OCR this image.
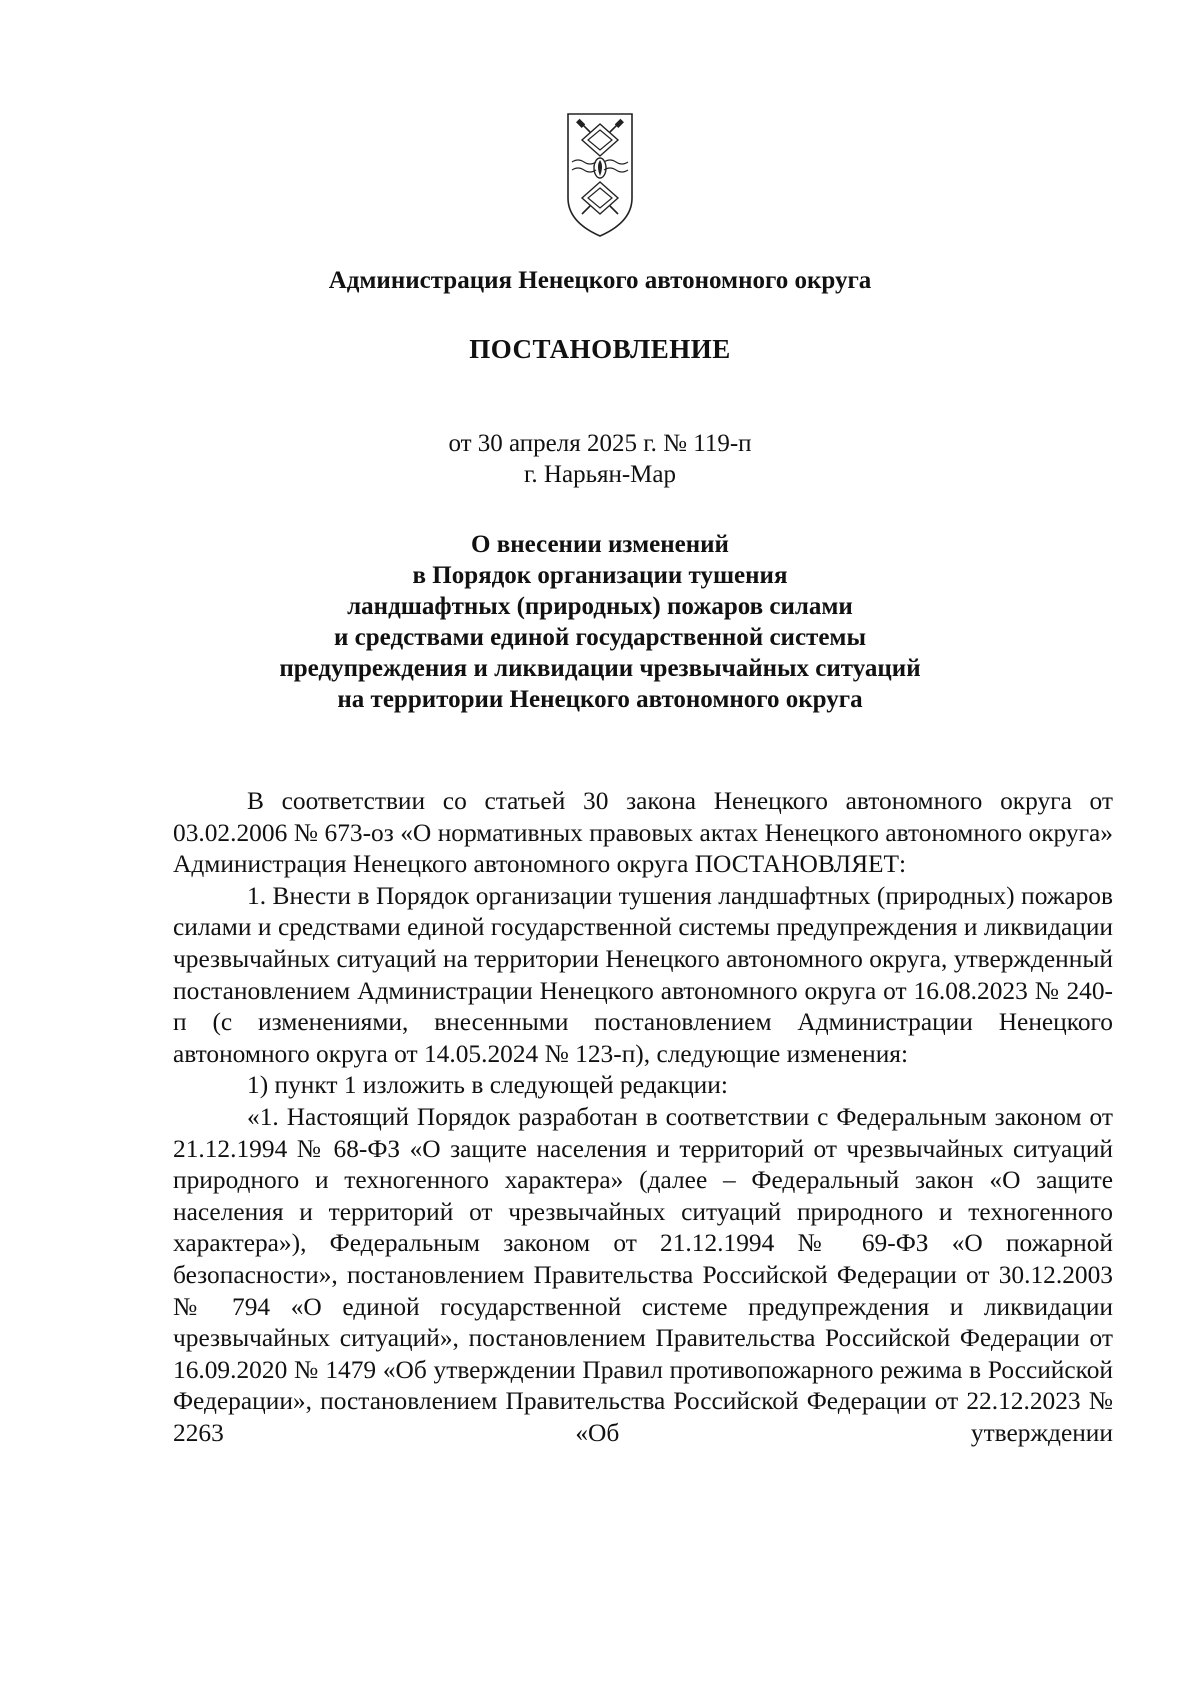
Администрация Ненецкого автономного округа
ПОСТАНОВЛЕНИЕ
от 30 апреля 2025 г. № 119-п
г. Нарьян-Мар
О внесении изменений
в Порядок организации тушения
ландшафтных (природных) пожаров силами
и средствами единой государственной системы
предупреждения и ликвидации чрезвычайных ситуаций
на территории Ненецкого автономного округа

В соответствии со статьей 30 закона Ненецкого автономного округа от 03.02.2006 № 673-оз «О нормативных правовых актах Ненецкого автономного округа» Администрация Ненецкого автономного округа ПОСТАНОВЛЯЕТ:

1. Внести в Порядок организации тушения ландшафтных (природных) пожаров силами и средствами единой государственной системы предупреждения и ликвидации чрезвычайных ситуаций на территории Ненецкого автономного округа, утвержденный постановлением Администрации Ненецкого автономного округа от 16.08.2023 № 240-п (с изменениями, внесенными постановлением Администрации Ненецкого автономного округа от 14.05.2024 № 123-п), следующие изменения:

1) пункт 1 изложить в следующей редакции:

«1. Настоящий Порядок разработан в соответствии с Федеральным законом от 21.12.1994 № 68-ФЗ «О защите населения и территорий от чрезвычайных ситуаций природного и техногенного характера» (далее – Федеральный закон «О защите населения и территорий от чрезвычайных ситуаций природного и техногенного характера»), Федеральным законом от 21.12.1994 № 69-ФЗ «О пожарной безопасности», постановлением Правительства Российской Федерации от 30.12.2003 № 794 «О единой государственной системе предупреждения и ликвидации чрезвычайных ситуаций», постановлением Правительства Российской Федерации от 16.09.2020 № 1479 «Об утверждении Правил противопожарного режима в Российской Федерации», постановлением Правительства Российской Федерации от 22.12.2023 № 2263 «Об утверждении
